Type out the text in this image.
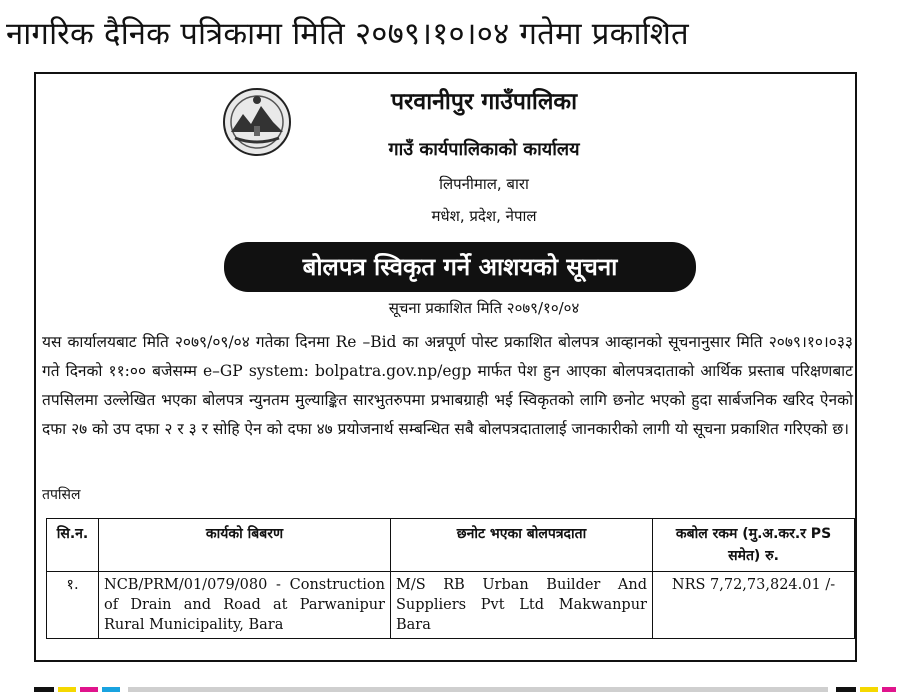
नागरिक दैनिक पत्रिकामा मिति २०७९।१०।०४ गतेमा प्रकाशित
परवानीपुर गाउँपालिका
गाउँ कार्यपालिकाको कार्यालय
लिपनीमाल, बारा
मधेश, प्रदेश, नेपाल
बोलपत्र स्विकृत गर्ने आशयको सूचना
सूचना प्रकाशित मिति २०७९/१०/०४
यस कार्यालयबाट मिति २०७९/०९/०४ गतेका दिनमा Re –Bid का अन्नपूर्ण पोस्ट प्रकाशित बोलपत्र आव्हानको सूचनानुसार मिति २०७९।१०।०३३ गते दिनको ११:०० बजेसम्म e–GP system: bolpatra.gov.np/egp मार्फत पेश हुन आएका बोलपत्रदाताको आर्थिक प्रस्ताब परिक्षणबाट तपसिलमा उल्लेखित भएका बोलपत्र न्युनतम मुल्याङ्कित सारभुतरुपमा प्रभाबग्राही भई स्विकृतको लागि छनोट भएको हुदा सार्बजनिक खरिद ऐनको दफा २७ को उप दफा २ र ३ र सोहि ऐन को दफा ४७ प्रयोजनार्थ सम्बन्धित सबै बोलपत्रदातालाई जानकारीको लागी यो सूचना प्रकाशित गरिएको छ।
तपसिल
सि.न.	कार्यको बिबरण	छनोट भएका बोलपत्रदाता	कबोल रकम (मु.अ.कर.र PS समेत) रु.
१.	NCB/PRM/01/079/080 - Construction of Drain and Road at Parwanipur Rural Municipality, Bara	M/S RB Urban Builder And Suppliers Pvt Ltd Makwanpur Bara	NRS 7,72,73,824.01 /-
